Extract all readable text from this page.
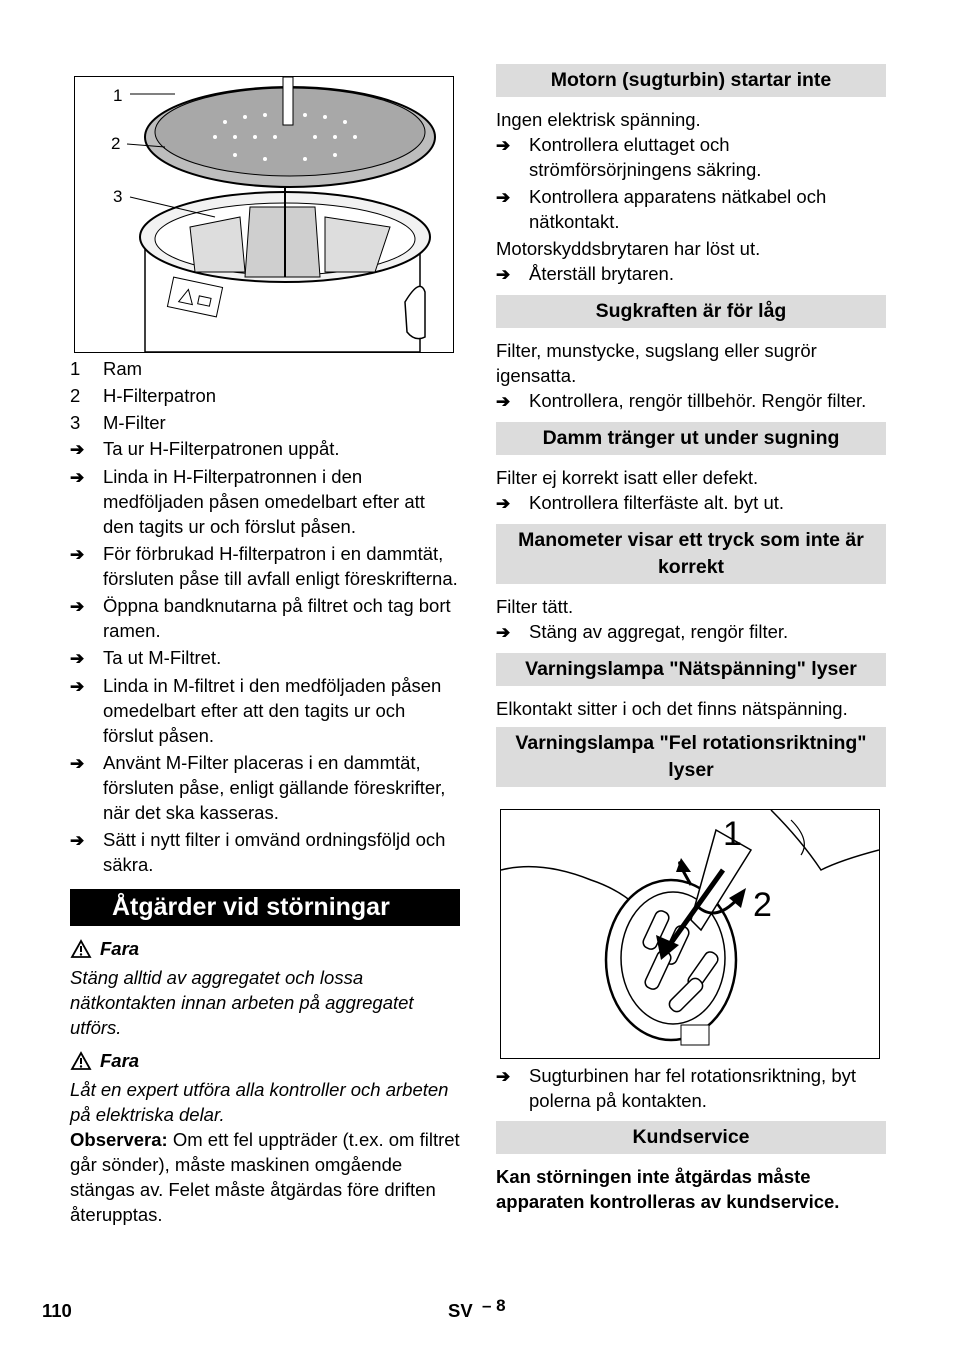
1
2
3
1	Ram
2	H-Filterpatron
3	M-Filter
➔	Ta ur H-Filterpatronen uppåt.
➔	Linda in H-Filterpatronnen i den medföljaden påsen omedelbart efter att den tagits ur och förslut påsen.
➔	För förbrukad H-filterpatron i en dammtät, försluten påse till avfall enligt föreskrifterna.
➔	Öppna bandknutarna på filtret och tag bort ramen.
➔	Ta ut M-Filtret.
➔	Linda in M-filtret i den medföljaden påsen omedelbart efter att den tagits ur och förslut påsen.
➔	Använt M-Filter placeras i en dammtät, försluten påse, enligt gällande föreskrifter, när det ska kasseras.
➔	Sätt i nytt filter i omvänd ordningsföljd och säkra.
Åtgärder vid störningar
Fara

Stäng alltid av aggregatet och lossa nätkontakten innan arbeten på aggregatet utförs.

Fara

Låt en expert utföra alla kontroller och arbeten på elektriska delar.

Observera: Om ett fel uppträder (t.ex. om filtret går sönder), måste maskinen omgående stängas av. Felet måste åtgärdas före driften återupptas.

Motorn (sugturbin) startar inte

Ingen elektrisk spänning.

➔	Kontrollera eluttaget och strömförsörjningens säkring.
➔	Kontrollera apparatens nätkabel och nätkontakt.

Motorskyddsbrytaren har löst ut.

➔	Återställ brytaren.
Sugkraften är för låg

Filter, munstycke, sugslang eller sugrör igensatta.

➔	Kontrollera, rengör tillbehör. Rengör filter.
Damm tränger ut under sugning

Filter ej korrekt isatt eller defekt.

➔	Kontrollera filterfäste alt. byt ut.
Manometer visar ett tryck som inte är korrekt

Filter tätt.

➔	Stäng av aggregat, rengör filter.
Varningslampa "Nätspänning" lyser

Elkontakt sitter i och det finns nätspänning.

Varningslampa "Fel rotationsriktning" lyser
1
2
➔	Sugturbinen har fel rotationsriktning, byt polerna på kontakten.
Kundservice

Kan störningen inte åtgärdas måste apparaten kontrolleras av kundservice.

110	SV – 8
